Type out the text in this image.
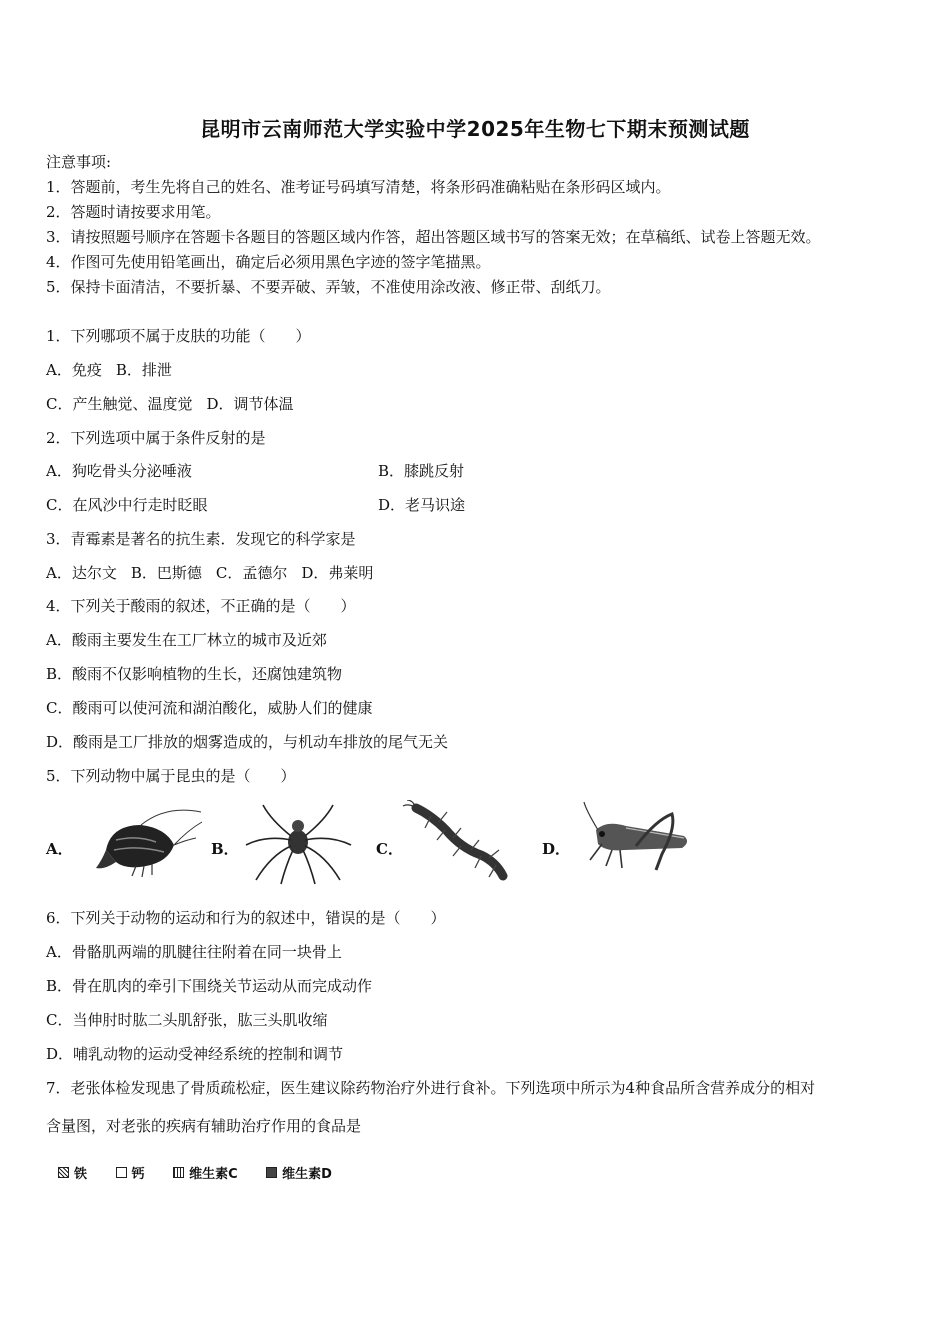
昆明市云南师范大学实验中学2025年生物七下期末预测试题
注意事项:
1．答题前，考生先将自己的姓名、准考证号码填写清楚，将条形码准确粘贴在条形码区域内。
2．答题时请按要求用笔。
3．请按照题号顺序在答题卡各题目的答题区域内作答，超出答题区域书写的答案无效；在草稿纸、试卷上答题无效。
4．作图可先使用铅笔画出，确定后必须用黑色字迹的签字笔描黑。
5．保持卡面清洁，不要折暴、不要弄破、弄皱，不准使用涂改液、修正带、刮纸刀。
1．下列哪项不属于皮肤的功能（　　）
A．免疫 B．排泄
C．产生触觉、温度觉 D．调节体温
2．下列选项中属于条件反射的是
A．狗吃骨头分泌唾液	B．膝跳反射
C．在风沙中行走时眨眼	D．老马识途
3．青霉素是著名的抗生素．发现它的科学家是
A．达尔文 B．巴斯德 C．孟德尔 D．弗莱明
4．下列关于酸雨的叙述，不正确的是（　　）
A．酸雨主要发生在工厂林立的城市及近郊
B．酸雨不仅影响植物的生长，还腐蚀建筑物
C．酸雨可以使河流和湖泊酸化，威胁人们的健康
D．酸雨是工厂排放的烟雾造成的，与机动车排放的尾气无关
5．下列动物中属于昆虫的是（　　）
A．	B．	C．	D．
6．下列关于动物的运动和行为的叙述中，错误的是（　　）
A．骨骼肌两端的肌腱往往附着在同一块骨上
B．骨在肌肉的牵引下围绕关节运动从而完成动作
C．当伸肘时肱二头肌舒张，肱三头肌收缩
D．哺乳动物的运动受神经系统的控制和调节
7．老张体检发现患了骨质疏松症，医生建议除药物治疗外进行食补。下列选项中所示为4种食品所含营养成分的相对
含量图，对老张的疾病有辅助治疗作用的食品是
铁
	钙
	维生素C
	维生素D
